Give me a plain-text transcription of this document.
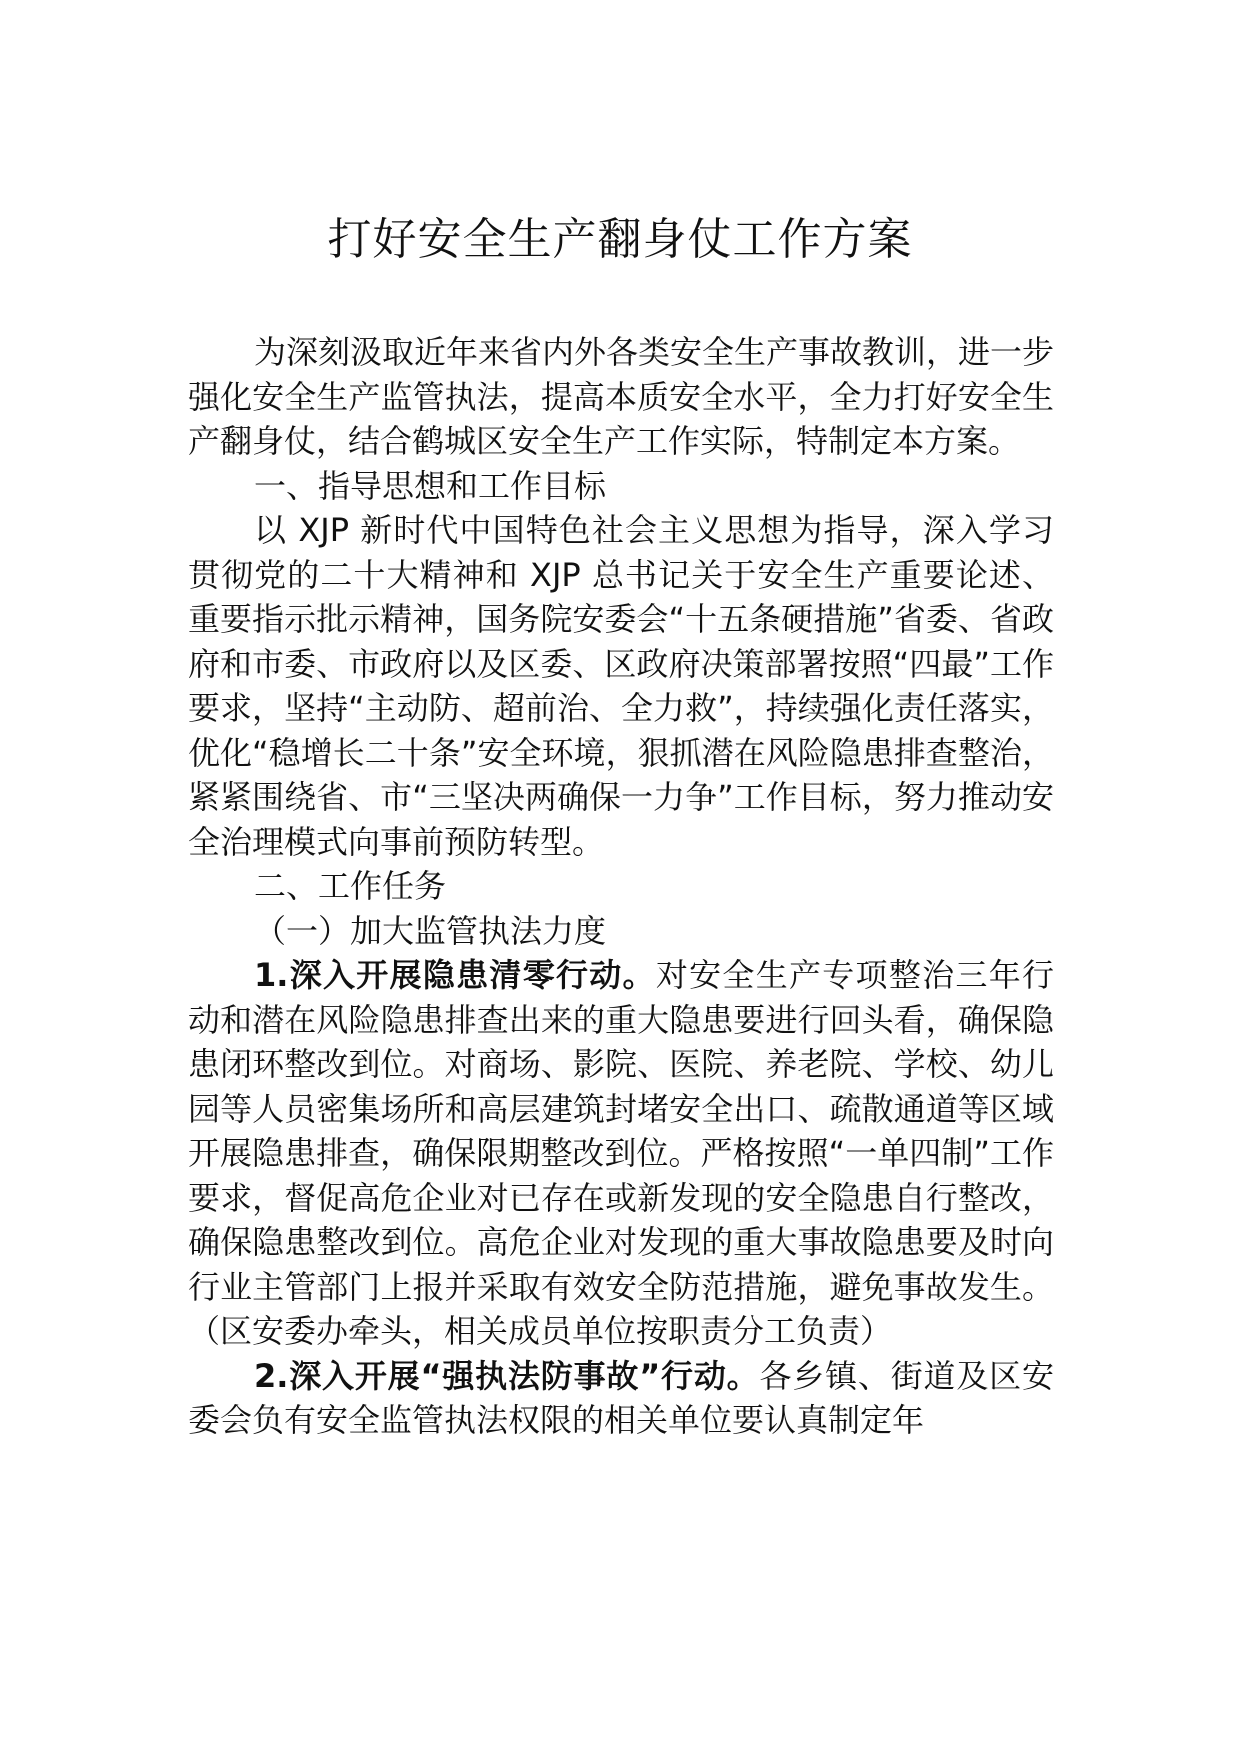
打好安全生产翻身仗工作方案

为深刻汲取近年来省内外各类安全生产事故教训，进一步强化安全生产监管执法，提高本质安全水平，全力打好安全生产翻身仗，结合鹤城区安全生产工作实际，特制定本方案。

一、指导思想和工作目标

以 XJP 新时代中国特色社会主义思想为指导，深入学习贯彻党的二十大精神和 XJP 总书记关于安全生产重要论述、重要指示批示精神，国务院安委会“十五条硬措施”省委、省政府和市委、市政府以及区委、区政府决策部署按照“四最”工作要求，坚持“主动防、超前治、全力救”，持续强化责任落实，优化“稳增长二十条”安全环境，狠抓潜在风险隐患排查整治，紧紧围绕省、市“三坚决两确保一力争”工作目标，努力推动安全治理模式向事前预防转型。

二、工作任务

（一）加大监管执法力度

1.深入开展隐患清零行动。对安全生产专项整治三年行动和潜在风险隐患排查出来的重大隐患要进行回头看，确保隐患闭环整改到位。对商场、影院、医院、养老院、学校、幼儿园等人员密集场所和高层建筑封堵安全出口、疏散通道等区域开展隐患排查，确保限期整改到位。严格按照“一单四制”工作要求，督促高危企业对已存在或新发现的安全隐患自行整改，确保隐患整改到位。高危企业对发现的重大事故隐患要及时向行业主管部门上报并采取有效安全防范措施，避免事故发生。（区安委办牵头，相关成员单位按职责分工负责）

2.深入开展“强执法防事故”行动。各乡镇、街道及区安委会负有安全监管执法权限的相关单位要认真制定年
